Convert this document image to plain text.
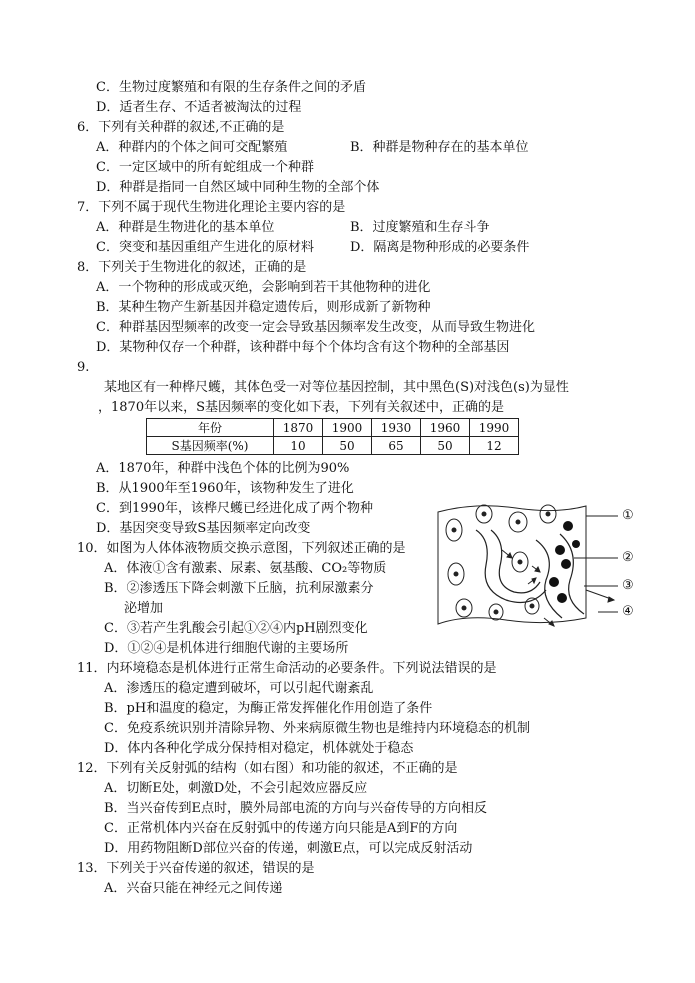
C．生物过度繁殖和有限的生存条件之间的矛盾
D．适者生存、不适者被淘汰的过程
6．下列有关种群的叙述,不正确的是
A．种群内的个体之间可交配繁殖	B．种群是物种存在的基本单位
C．一定区域中的所有蛇组成一个种群
D．种群是指同一自然区域中同种生物的全部个体
7．下列不属于现代生物进化理论主要内容的是
A．种群是生物进化的基本单位	B．过度繁殖和生存斗争
C．突变和基因重组产生进化的原材料	D．隔离是物种形成的必要条件
8．下列关于生物进化的叙述，正确的是
A．一个物种的形成或灭绝，会影响到若干其他物种的进化
B．某种生物产生新基因并稳定遗传后，则形成新了新物种
C．种群基因型频率的改变一定会导致基因频率发生改变，从而导致生物进化
D．某物种仅存一个种群，该种群中每个个体均含有这个物种的全部基因
9.
某地区有一种桦尺蠖，其体色受一对等位基因控制，其中黑色(S)对浅色(s)为显性
，1870年以来，S基因频率的变化如下表，下列有关叙述中，正确的是
年份	1870	1900	1930	1960	1990
S基因频率(%)	10	50	65	50	12
A．1870年，种群中浅色个体的比例为90%
B．从1900年至1960年，该物种发生了进化
C．到1990年，该桦尺蠖已经进化成了两个物种
D．基因突变导致S基因频率定向改变
10．如图为人体体液物质交换示意图，下列叙述正确的是
A．体液①含有激素、尿素、氨基酸、CO₂等物质
B．②渗透压下降会刺激下丘脑，抗利尿激素分
泌增加
C．③若产生乳酸会引起①②④内pH剧烈变化
D．①②④是机体进行细胞代谢的主要场所
①
②
③
④
11．内环境稳态是机体进行正常生命活动的必要条件。下列说法错误的是
A．渗透压的稳定遭到破坏，可以引起代谢紊乱
B．pH和温度的稳定，为酶正常发挥催化作用创造了条件
C．免疫系统识别并清除异物、外来病原微生物也是维持内环境稳态的机制
D．体内各种化学成分保持相对稳定，机体就处于稳态
12．下列有关反射弧的结构（如右图）和功能的叙述，不正确的是
A．切断E处，刺激D处，不会引起效应器反应
B．当兴奋传到E点时，膜外局部电流的方向与兴奋传导的方向相反
C．正常机体内兴奋在反射弧中的传递方向只能是A到F的方向
D．用药物阻断D部位兴奋的传递，刺激E点，可以完成反射活动
13．下列关于兴奋传递的叙述，错误的是
A．兴奋只能在神经元之间传递
